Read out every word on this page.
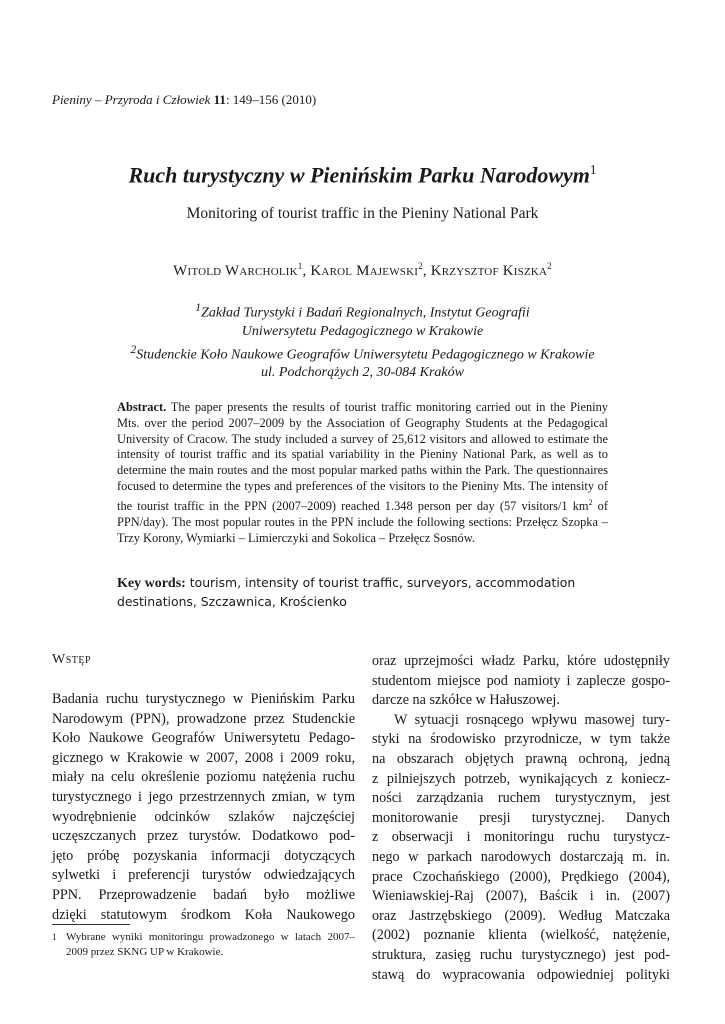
Pieniny – Przyroda i Człowiek 11: 149–156 (2010)
Ruch turystyczny w Pienińskim Parku Narodowym$^1$
Monitoring of tourist traffic in the Pieniny National Park
Witold Warcholik$^1$, Karol Majewski$^2$, Krzysztof Kiszka$^2$
$^1$Zakład Turystyki i Badań Regionalnych, Instytut Geografii
Uniwersytetu Pedagogicznego w Krakowie
$^2$Studenckie Koło Naukowe Geografów Uniwersytetu Pedagogicznego w Krakowie
ul. Podchorążych 2, 30-084 Kraków
Abstract. The paper presents the results of tourist traffic monitoring carried out in the Pieniny Mts. over the period 2007–2009 by the Association of Geography Students at the Pedagogical University of Cracow. The study included a survey of 25,612 visitors and allowed to estimate the intensity of tourist traffic and its spatial variability in the Pieniny National Park, as well as to determine the main routes and the most popular marked paths within the Park. The questionnaires focused to determine the types and preferences of the visitors to the Pieniny Mts. The intensity of the tourist traffic in the PPN (2007–2009) reached 1.348 person per day (57 visitors/1 $km^2$ of PPN/day). The most popular routes in the PPN include the following sections: Przełęcz Szopka – Trzy Korony, Wymiarki – Limierczyki and Sokolica – Przełęcz Sosnów.
Key words: tourism, intensity of tourist traffic, surveyors, accommodation destinations, Szczawnica, Krościenko
Wstęp
Badania ruchu turystycznego w Pienińskim Parku
Narodowym (PPN), prowadzone przez Studenckie
Koło Naukowe Geografów Uniwersytetu Pedago-
gicznego w Krakowie w 2007, 2008 i 2009 roku,
miały na celu określenie poziomu natężenia ruchu
turystycznego i jego przestrzennych zmian, w tym
wyodrębnienie odcinków szlaków najczęściej
uczęszczanych przez turystów. Dodatkowo pod-
jęto próbę pozyskania informacji dotyczących
sylwetki i preferencji turystów odwiedzających
PPN. Przeprowadzenie badań było możliwe
dzięki statutowym środkom Koła Naukowego
oraz uprzejmości władz Parku, które udostępniły
studentom miejsce pod namioty i zaplecze gospo-
darcze na szkółce w Hałuszowej.
W sytuacji rosnącego wpływu masowej tury-
styki na środowisko przyrodnicze, w tym także
na obszarach objętych prawną ochroną, jedną
z pilniejszych potrzeb, wynikających z koniecz-
ności zarządzania ruchem turystycznym, jest
monitorowanie presji turystycznej. Danych
z obserwacji i monitoringu ruchu turystycz-
nego w parkach narodowych dostarczają m. in.
prace Czochańskiego (2000), Prędkiego (2004),
Wieniawskiej-Raj (2007), Baścik i in. (2007)
oraz Jastrzębskiego (2009). Według Matczaka
(2002) poznanie klienta (wielkość, natężenie,
struktura, zasięg ruchu turystycznego) jest pod-
stawą do wypracowania odpowiedniej polityki
1 Wybrane wyniki monitoringu prowadzonego w latach 2007–2009 przez SKNG UP w Krakowie.
